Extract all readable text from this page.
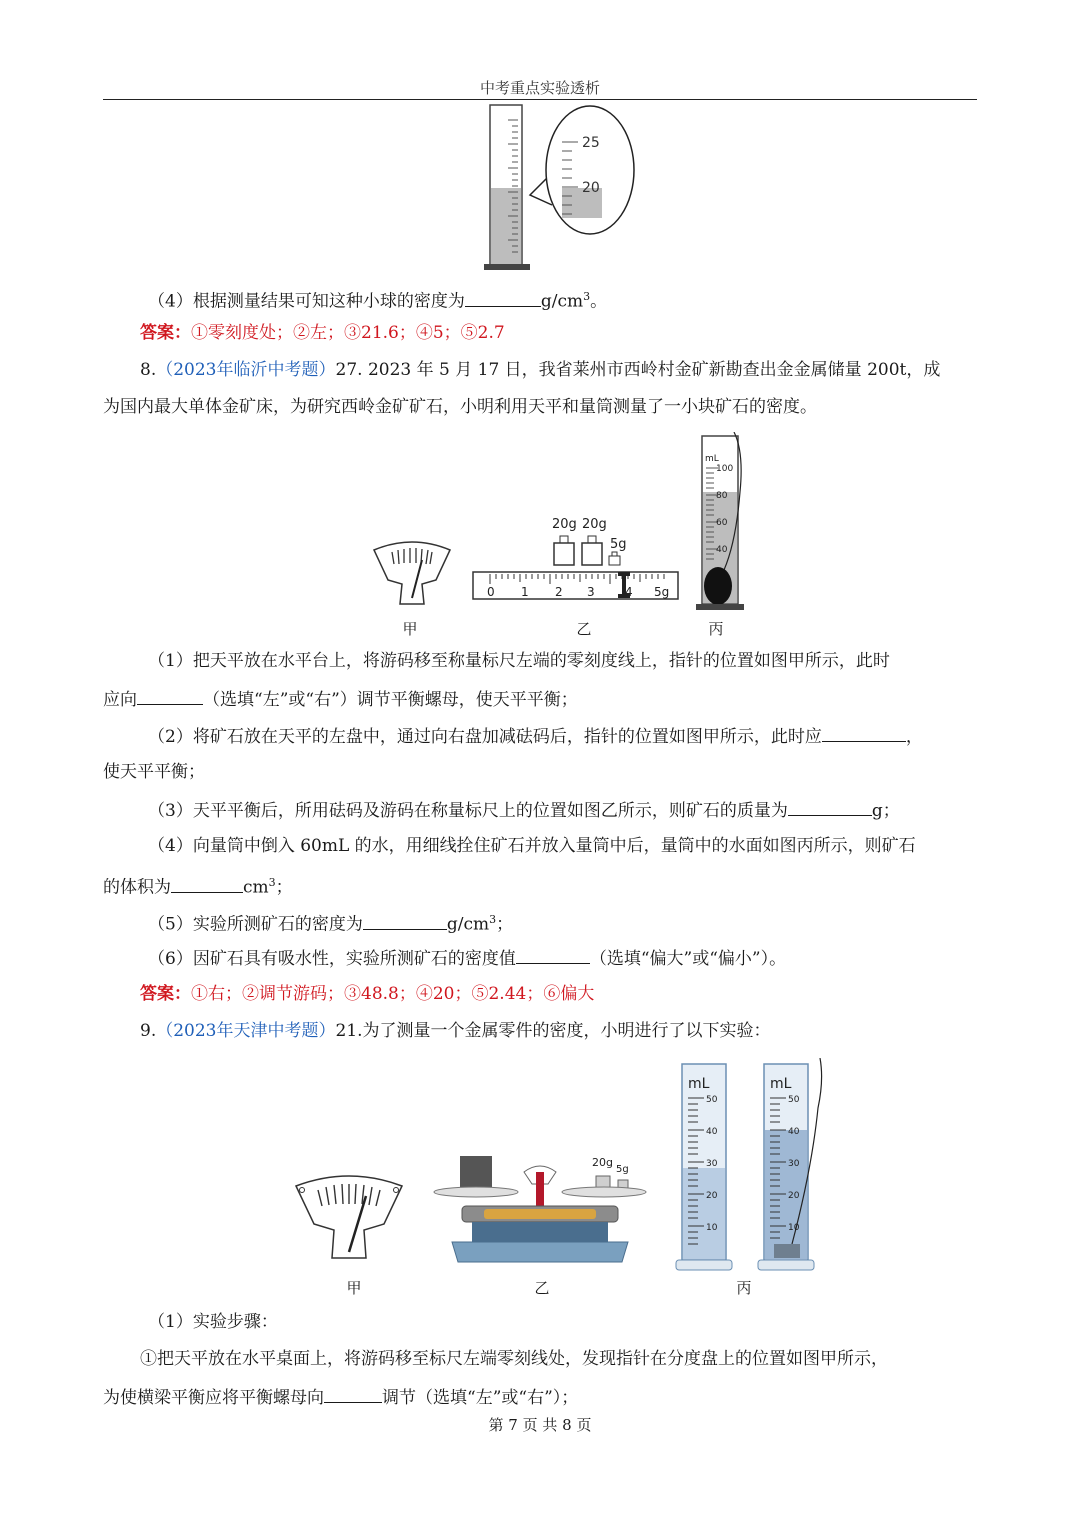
中考重点实验透析
25
20
（4）根据测量结果可知这种小球的密度为	$g/cm^3$。
答案：①零刻度处；②左；③21.6；④5；⑤2.7
8.（2023年临沂中考题）27. 2023 年 5 月 17 日，我省莱州市西岭村金矿新勘查出金金属储量 200t，成
为国内最大单体金矿床，为研究西岭金矿矿石，小明利用天平和量筒测量了一小块矿石的密度。
甲
20g 20g
5g
0 1 2 3	4 5g
乙
mL
100
80
60
40
丙
（1）把天平放在水平台上，将游码移至称量标尺左端的零刻度线上，指针的位置如图甲所示，此时
应向	（选填“左”或“右”）调节平衡螺母，使天平平衡；
（2）将矿石放在天平的左盘中，通过向右盘加减砝码后，指针的位置如图甲所示，此时应	，
使天平平衡；
（3）天平平衡后，所用砝码及游码在称量标尺上的位置如图乙所示，则矿石的质量为	g；
（4）向量筒中倒入 60mL 的水，用细线拴住矿石并放入量筒中后，量筒中的水面如图丙所示，则矿石
的体积为	$cm^3$；
（5）实验所测矿石的密度为	$g/cm^3$；
（6）因矿石具有吸水性，实验所测矿石的密度值	（选填“偏大”或“偏小”）。
答案：①右；②调节游码；③48.8；④20；⑤2.44；⑥偏大
9.（2023年天津中考题）21.为了测量一个金属零件的密度，小明进行了以下实验：
甲
20g
5g
乙
mL
50
40
30
20
10
mL
50
40
30
20
10
丙
（1）实验步骤：
①把天平放在水平桌面上，将游码移至标尺左端零刻线处，发现指针在分度盘上的位置如图甲所示，
为使横梁平衡应将平衡螺母向	调节（选填“左”或“右”）；
第 7 页 共 8 页
